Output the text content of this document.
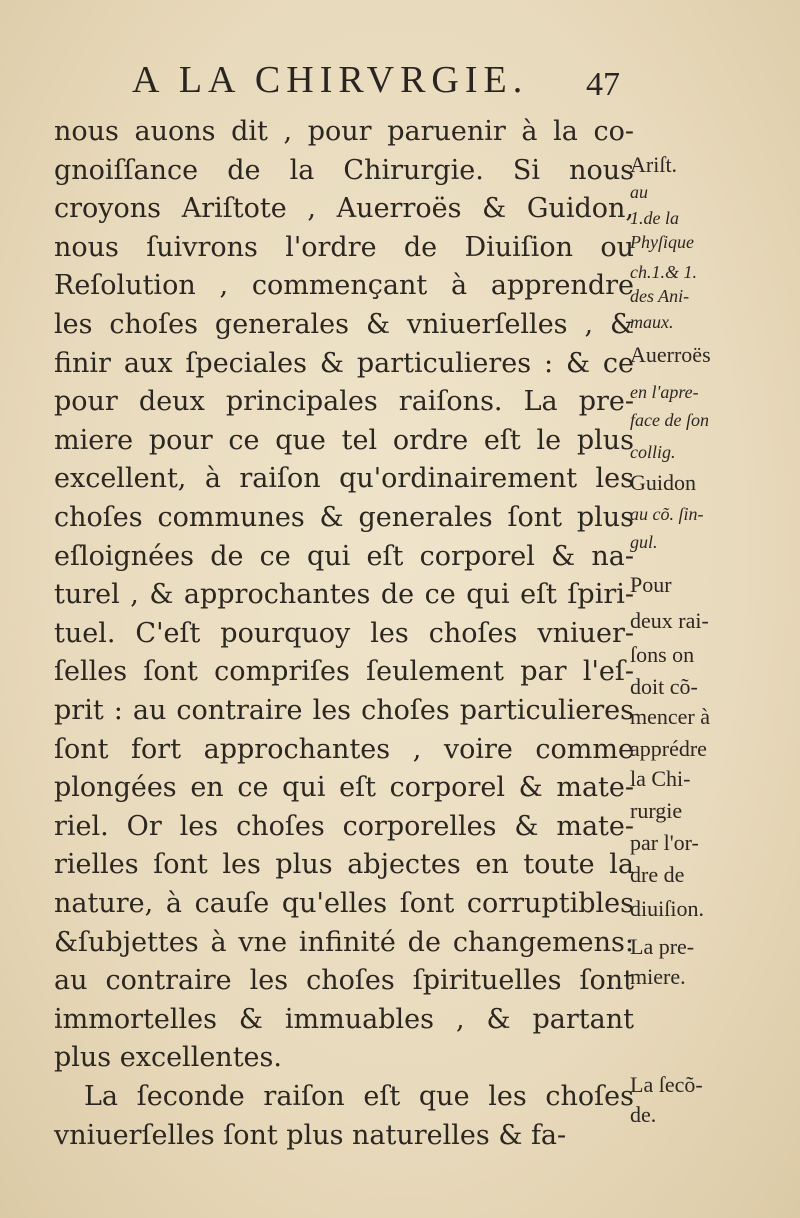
A LA CHIRVRGIE. 47
nous auons dit , pour paruenir à la co-
gnoiſſance de la Chirurgie. Si nous
croyons Ariſtote , Auerroës & Guidon,
nous ſuivrons l'ordre de Diuiſion ou
Reſolution , commençant à apprendre
les choſes generales & vniuerſelles , &
finir aux ſpeciales & particulieres : & ce
pour deux principales raiſons. La pre-
miere pour ce que tel ordre eſt le plus
excellent, à raiſon qu'ordinairement les
choſes communes & generales ſont plus
eſloignées de ce qui eſt corporel & na-
turel , & approchantes de ce qui eſt ſpiri-
tuel. C'eſt pourquoy les choſes vniuer-
ſelles ſont compriſes ſeulement par l'eſ-
prit : au contraire les choſes particulieres
ſont fort approchantes , voire comme
plongées en ce qui eſt corporel & mate-
riel. Or les choſes corporelles & mate-
rielles ſont les plus abjectes en toute la
nature, à cauſe qu'elles ſont corruptibles
&ſubjettes à vne infinité de changemens:
au contraire les choſes ſpirituelles ſont
immortelles & immuables , & partant
plus excellentes.
La ſeconde raiſon eſt que les choſes
vniuerſelles ſont plus naturelles & fa-
Ariſt.
au
1.de la
Phyſique
ch.1.& 1.
des Ani-
maux.
Auerroës
en l'apre-
face de ſon
collig.
Guidon
au cõ. ſin-
gul.
Pour
deux rai-
ſons on
doit cõ-
mencer à
apprédre
la Chi-
rurgie
par l'or-
dre de
diuiſion.
La pre-
miere.
La ſecõ-
de.
